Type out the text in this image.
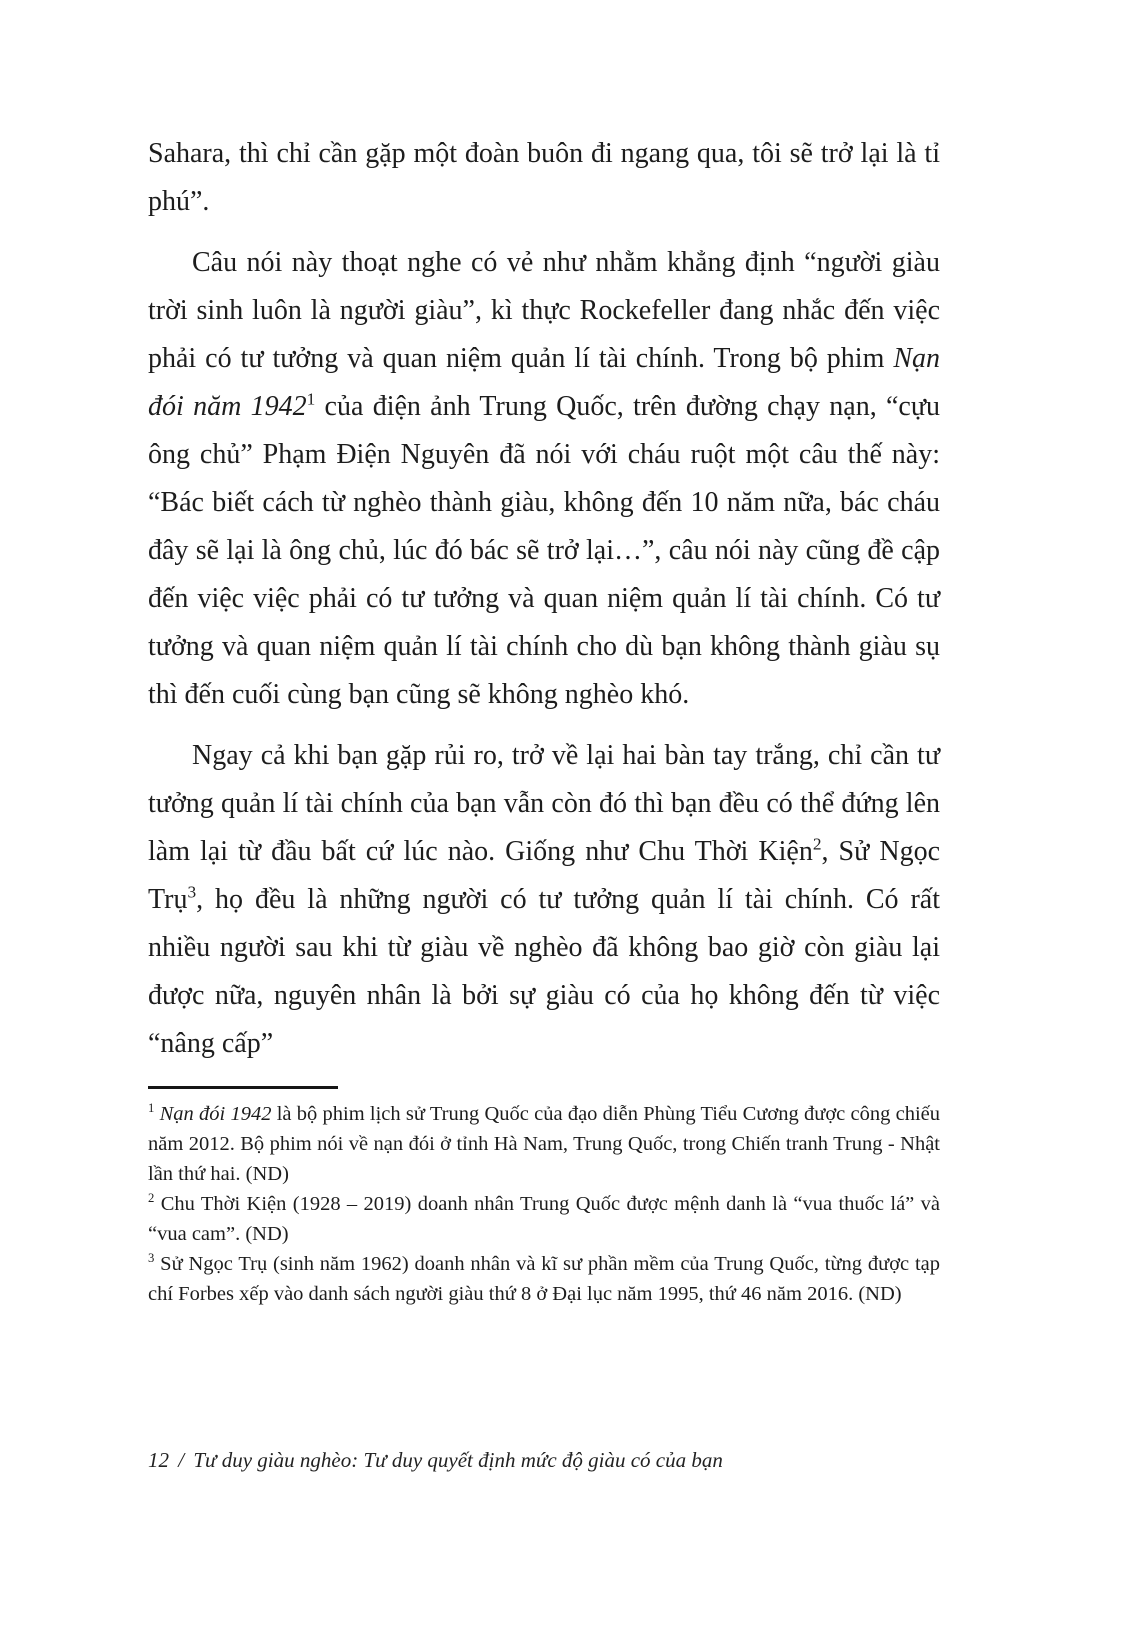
Sahara, thì chỉ cần gặp một đoàn buôn đi ngang qua, tôi sẽ trở lại là tỉ phú”.

Câu nói này thoạt nghe có vẻ như nhằm khẳng định “người giàu trời sinh luôn là người giàu”, kì thực Rockefeller đang nhắc đến việc phải có tư tưởng và quan niệm quản lí tài chính. Trong bộ phim Nạn đói năm 1942$^1$ của điện ảnh Trung Quốc, trên đường chạy nạn, “cựu ông chủ” Phạm Điện Nguyên đã nói với cháu ruột một câu thế này: “Bác biết cách từ nghèo thành giàu, không đến 10 năm nữa, bác cháu đây sẽ lại là ông chủ, lúc đó bác sẽ trở lại…”, câu nói này cũng đề cập đến việc việc phải có tư tưởng và quan niệm quản lí tài chính. Có tư tưởng và quan niệm quản lí tài chính cho dù bạn không thành giàu sụ thì đến cuối cùng bạn cũng sẽ không nghèo khó.

Ngay cả khi bạn gặp rủi ro, trở về lại hai bàn tay trắng, chỉ cần tư tưởng quản lí tài chính của bạn vẫn còn đó thì bạn đều có thể đứng lên làm lại từ đầu bất cứ lúc nào. Giống như Chu Thời Kiện$^2$, Sử Ngọc Trụ$^3$, họ đều là những người có tư tưởng quản lí tài chính. Có rất nhiều người sau khi từ giàu về nghèo đã không bao giờ còn giàu lại được nữa, nguyên nhân là bởi sự giàu có của họ không đến từ việc “nâng cấp”

$^1$ Nạn đói 1942 là bộ phim lịch sử Trung Quốc của đạo diễn Phùng Tiểu Cương được công chiếu năm 2012. Bộ phim nói về nạn đói ở tỉnh Hà Nam, Trung Quốc, trong Chiến tranh Trung - Nhật lần thứ hai. (ND)

$^2$ Chu Thời Kiện (1928 – 2019) doanh nhân Trung Quốc được mệnh danh là “vua thuốc lá” và “vua cam”. (ND)

$^3$ Sử Ngọc Trụ (sinh năm 1962) doanh nhân và kĩ sư phần mềm của Trung Quốc, từng được tạp chí Forbes xếp vào danh sách người giàu thứ 8 ở Đại lục năm 1995, thứ 46 năm 2016. (ND)

12 / Tư duy giàu nghèo: Tư duy quyết định mức độ giàu có của bạn
